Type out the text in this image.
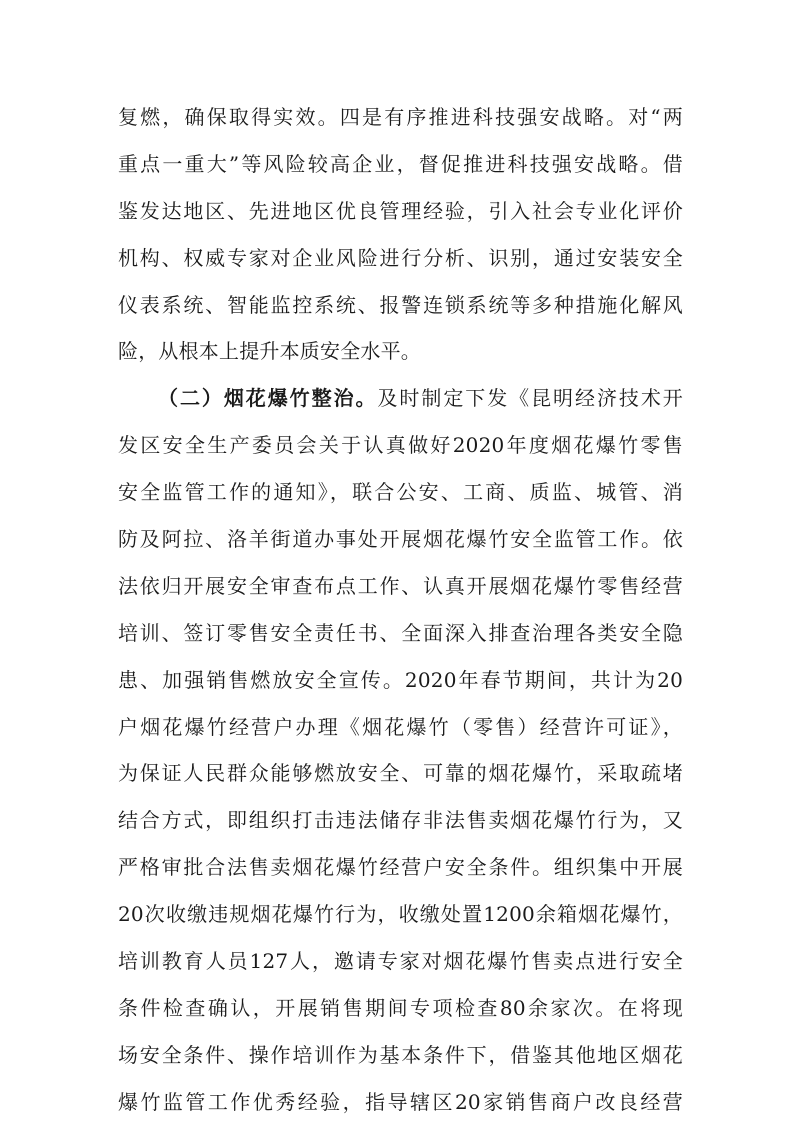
复燃，确保取得实效。四是有序推进科技强安战略。对“两
重点一重大”等风险较高企业，督促推进科技强安战略。借
鉴发达地区、先进地区优良管理经验，引入社会专业化评价
机构、权威专家对企业风险进行分析、识别，通过安装安全
仪表系统、智能监控系统、报警连锁系统等多种措施化解风
险，从根本上提升本质安全水平。
（二）烟花爆竹整治。及时制定下发《昆明经济技术开
发区安全生产委员会关于认真做好2020年度烟花爆竹零售
安全监管工作的通知》，联合公安、工商、质监、城管、消
防及阿拉、洛羊街道办事处开展烟花爆竹安全监管工作。依
法依归开展安全审查布点工作、认真开展烟花爆竹零售经营
培训、签订零售安全责任书、全面深入排查治理各类安全隐
患、加强销售燃放安全宣传。2020年春节期间，共计为20
户烟花爆竹经营户办理《烟花爆竹（零售）经营许可证》，
为保证人民群众能够燃放安全、可靠的烟花爆竹，采取疏堵
结合方式，即组织打击违法储存非法售卖烟花爆竹行为，又
严格审批合法售卖烟花爆竹经营户安全条件。组织集中开展
20次收缴违规烟花爆竹行为，收缴处置1200余箱烟花爆竹，
培训教育人员127人，邀请专家对烟花爆竹售卖点进行安全
条件检查确认，开展销售期间专项检查80余家次。在将现
场安全条件、操作培训作为基本条件下，借鉴其他地区烟花
爆竹监管工作优秀经验，指导辖区20家销售商户改良经营
